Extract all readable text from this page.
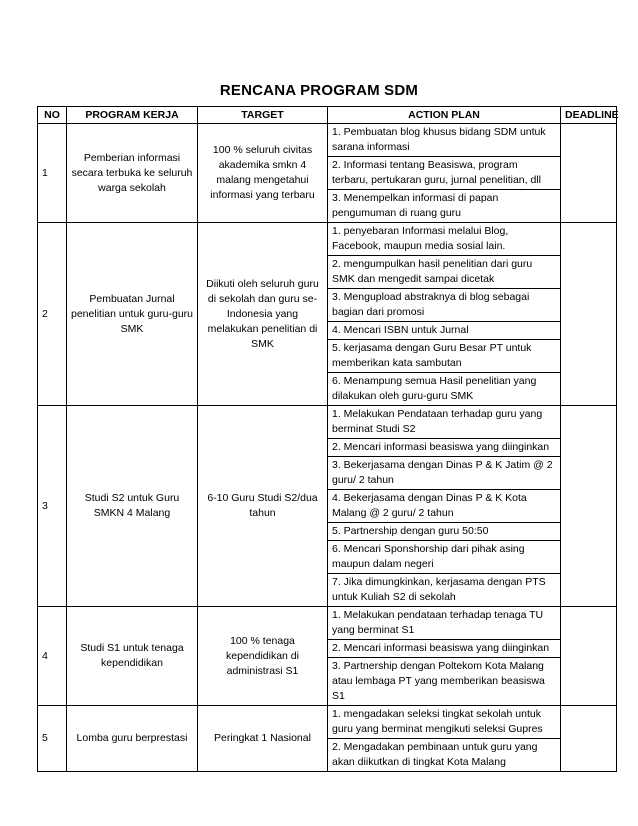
RENCANA PROGRAM SDM
NO	PROGRAM KERJA	TARGET	ACTION PLAN	DEADLINE
1	Pemberian informasi secara terbuka ke seluruh warga sekolah	100 % seluruh civitas akademika smkn 4 malang mengetahui informasi yang terbaru	1. Pembuatan blog khusus bidang SDM untuk sarana informasi	
			2. Informasi tentang Beasiswa, program terbaru, pertukaran guru, jurnal penelitian, dll	
			3. Menempelkan informasi di papan pengumuman di ruang guru	
2	Pembuatan Jurnal penelitian untuk guru-guru SMK	Diikuti oleh seluruh guru di sekolah dan guru se-Indonesia yang melakukan penelitian di SMK	1. penyebaran Informasi melalui Blog, Facebook, maupun media sosial lain.	
			2. mengumpulkan hasil penelitian dari guru SMK dan mengedit sampai dicetak	
			3. Mengupload abstraknya di blog sebagai bagian dari promosi	
			4. Mencari ISBN untuk Jurnal	
			5. kerjasama dengan Guru Besar PT untuk memberikan kata sambutan	
			6. Menampung semua Hasil penelitian yang dilakukan oleh guru-guru SMK	
3	Studi S2 untuk Guru SMKN 4 Malang	6-10 Guru Studi S2/dua tahun	1. Melakukan Pendataan terhadap guru yang berminat Studi S2	
			2. Mencari informasi beasiswa yang diinginkan	
			3. Bekerjasama dengan Dinas P & K Jatim @ 2 guru/ 2 tahun	
			4. Bekerjasama dengan Dinas P & K Kota Malang @ 2 guru/ 2 tahun	
			5. Partnership dengan guru 50:50	
			6. Mencari Sponshorship dari pihak asing maupun dalam negeri	
			7. Jika dimungkinkan, kerjasama dengan PTS untuk Kuliah S2 di sekolah	
4	Studi S1 untuk tenaga kependidikan	100 % tenaga kependidikan di administrasi S1	1. Melakukan pendataan terhadap tenaga TU yang berminat S1	
			2. Mencari informasi beasiswa yang diinginkan	
			3. Partnership dengan Poltekom Kota Malang atau lembaga PT yang memberikan beasiswa S1	
5	Lomba guru berprestasi	Peringkat 1 Nasional	1. mengadakan seleksi tingkat sekolah untuk guru yang berminat mengikuti seleksi Gupres	
			2. Mengadakan pembinaan untuk guru yang akan diikutkan di tingkat Kota Malang	
